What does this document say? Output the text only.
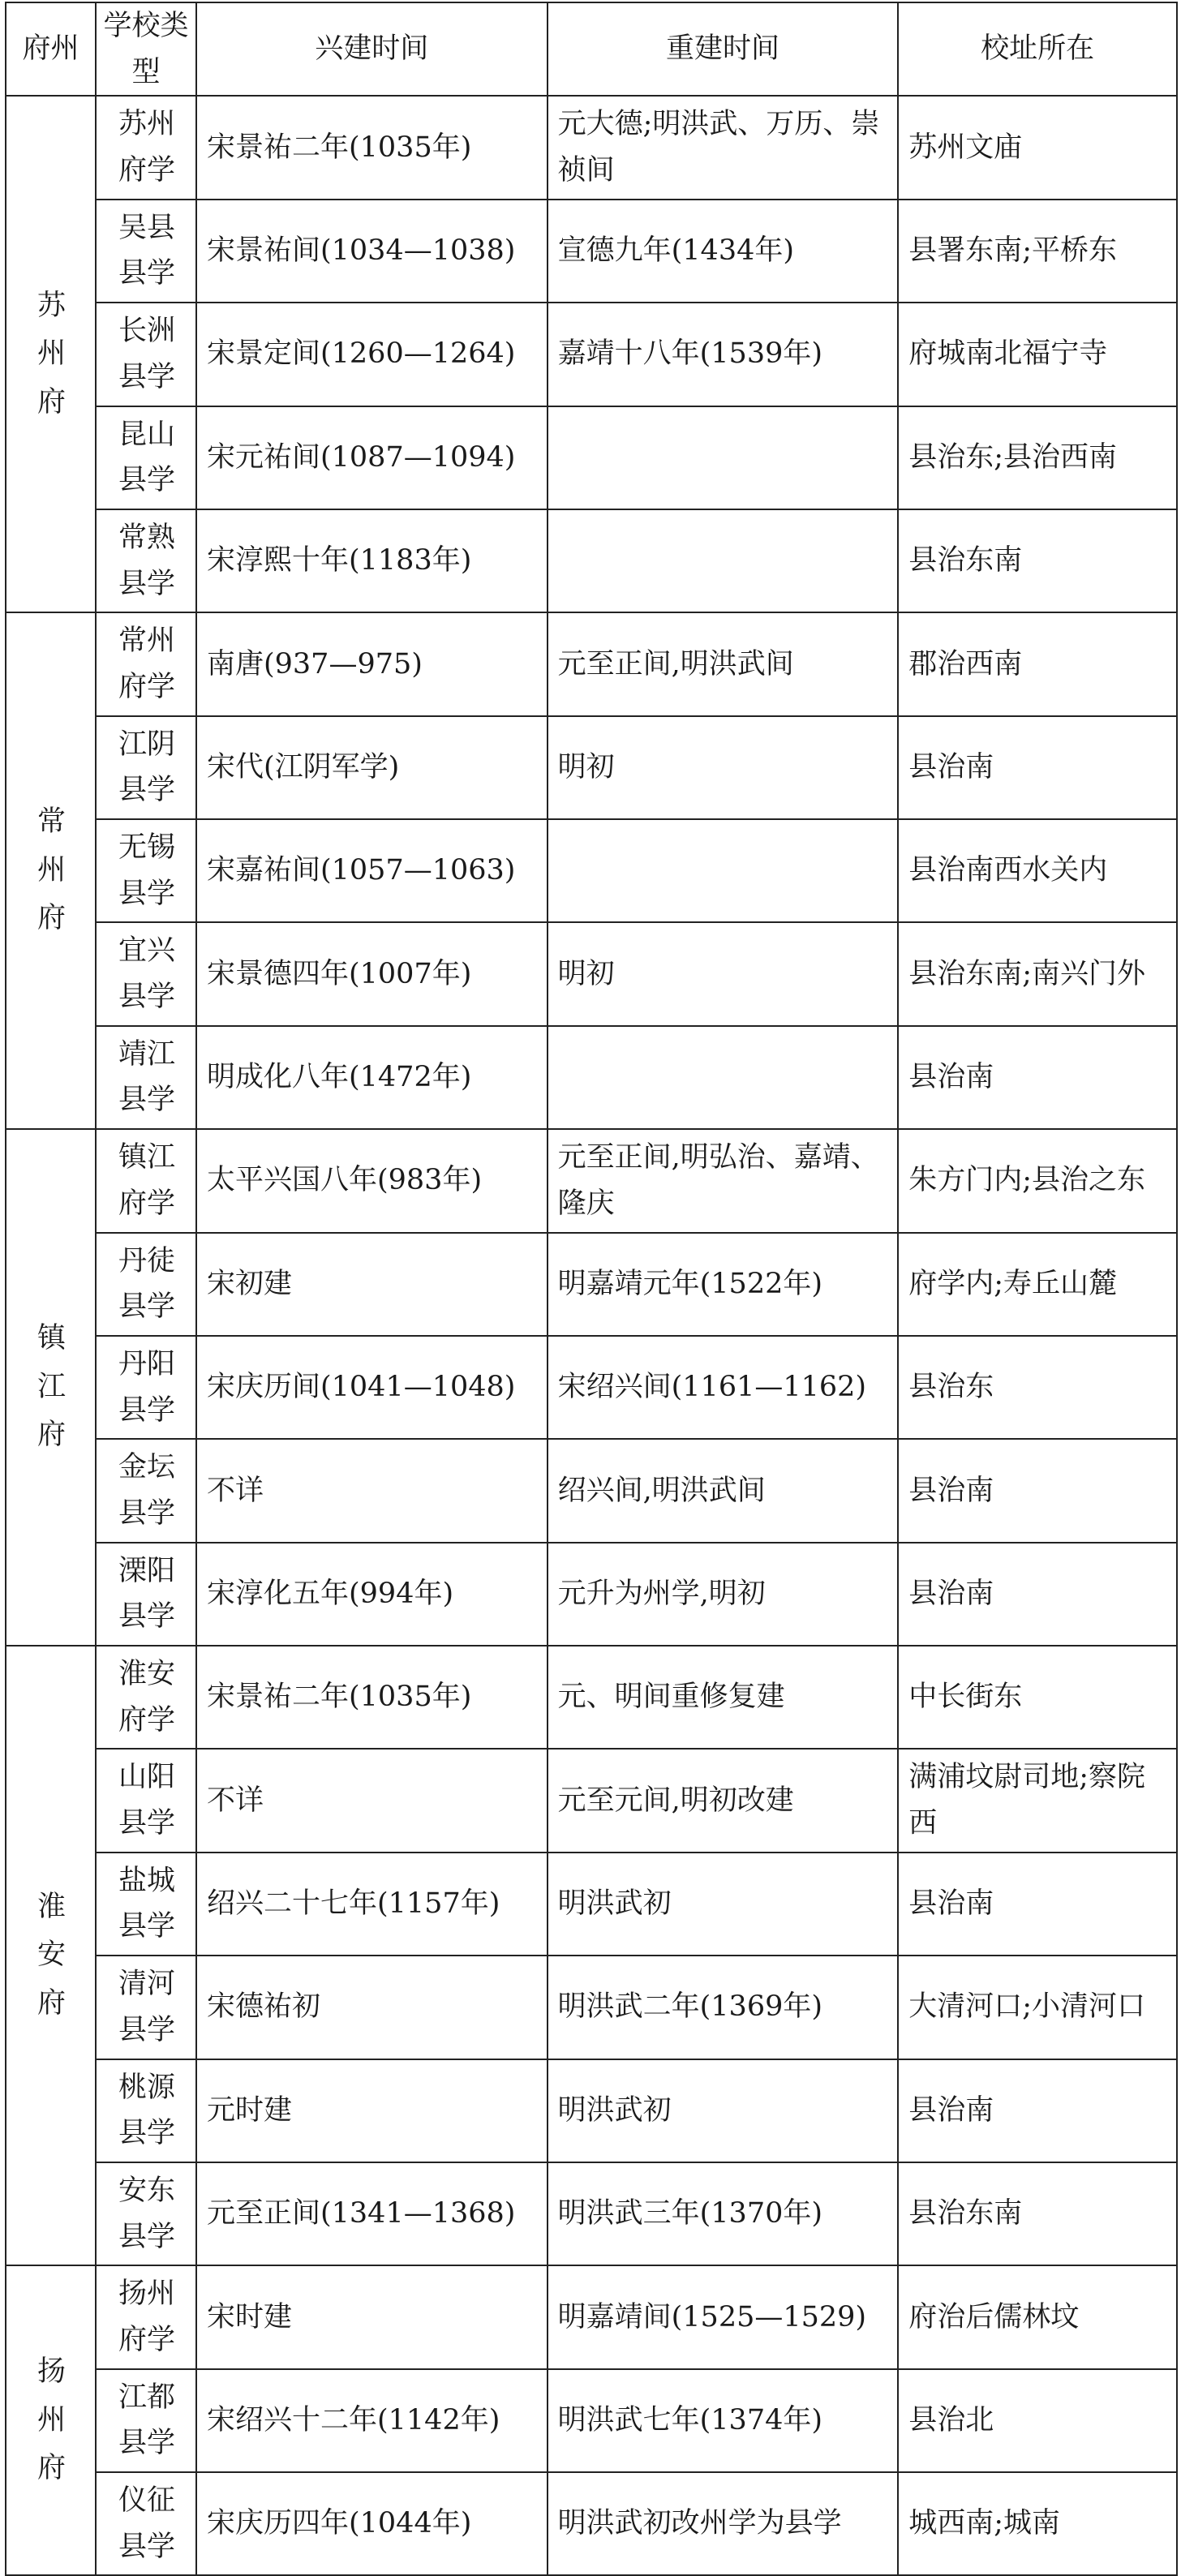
府州	学校类型	兴建时间	重建时间	校址所在
苏州府	苏州府学	宋景祐二年(1035年)	元大德;明洪武、万历、崇祯间	苏州文庙
	吴县县学	宋景祐间(1034—1038)	宣德九年(1434年)	县署东南;平桥东
	长洲县学	宋景定间(1260—1264)	嘉靖十八年(1539年)	府城南北福宁寺
	昆山县学	宋元祐间(1087—1094)		县治东;县治西南
	常熟县学	宋淳熙十年(1183年)		县治东南
常州府	常州府学	南唐(937—975)	元至正间,明洪武间	郡治西南
	江阴县学	宋代(江阴军学)	明初	县治南
	无锡县学	宋嘉祐间(1057—1063)		县治南西水关内
	宜兴县学	宋景德四年(1007年)	明初	县治东南;南兴门外
	靖江县学	明成化八年(1472年)		县治南
镇江府	镇江府学	太平兴国八年(983年)	元至正间,明弘治、嘉靖、隆庆	朱方门内;县治之东
	丹徒县学	宋初建	明嘉靖元年(1522年)	府学内;寿丘山麓
	丹阳县学	宋庆历间(1041—1048)	宋绍兴间(1161—1162)	县治东
	金坛县学	不详	绍兴间,明洪武间	县治南
	溧阳县学	宋淳化五年(994年)	元升为州学,明初	县治南
淮安府	淮安府学	宋景祐二年(1035年)	元、明间重修复建	中长街东
	山阳县学	不详	元至元间,明初改建	满浦坟尉司地;察院西
	盐城县学	绍兴二十七年(1157年)	明洪武初	县治南
	清河县学	宋德祐初	明洪武二年(1369年)	大清河口;小清河口
	桃源县学	元时建	明洪武初	县治南
	安东县学	元至正间(1341—1368)	明洪武三年(1370年)	县治东南
扬州府	扬州府学	宋时建	明嘉靖间(1525—1529)	府治后儒林坟
	江都县学	宋绍兴十二年(1142年)	明洪武七年(1374年)	县治北
	仪征县学	宋庆历四年(1044年)	明洪武初改州学为县学	城西南;城南
